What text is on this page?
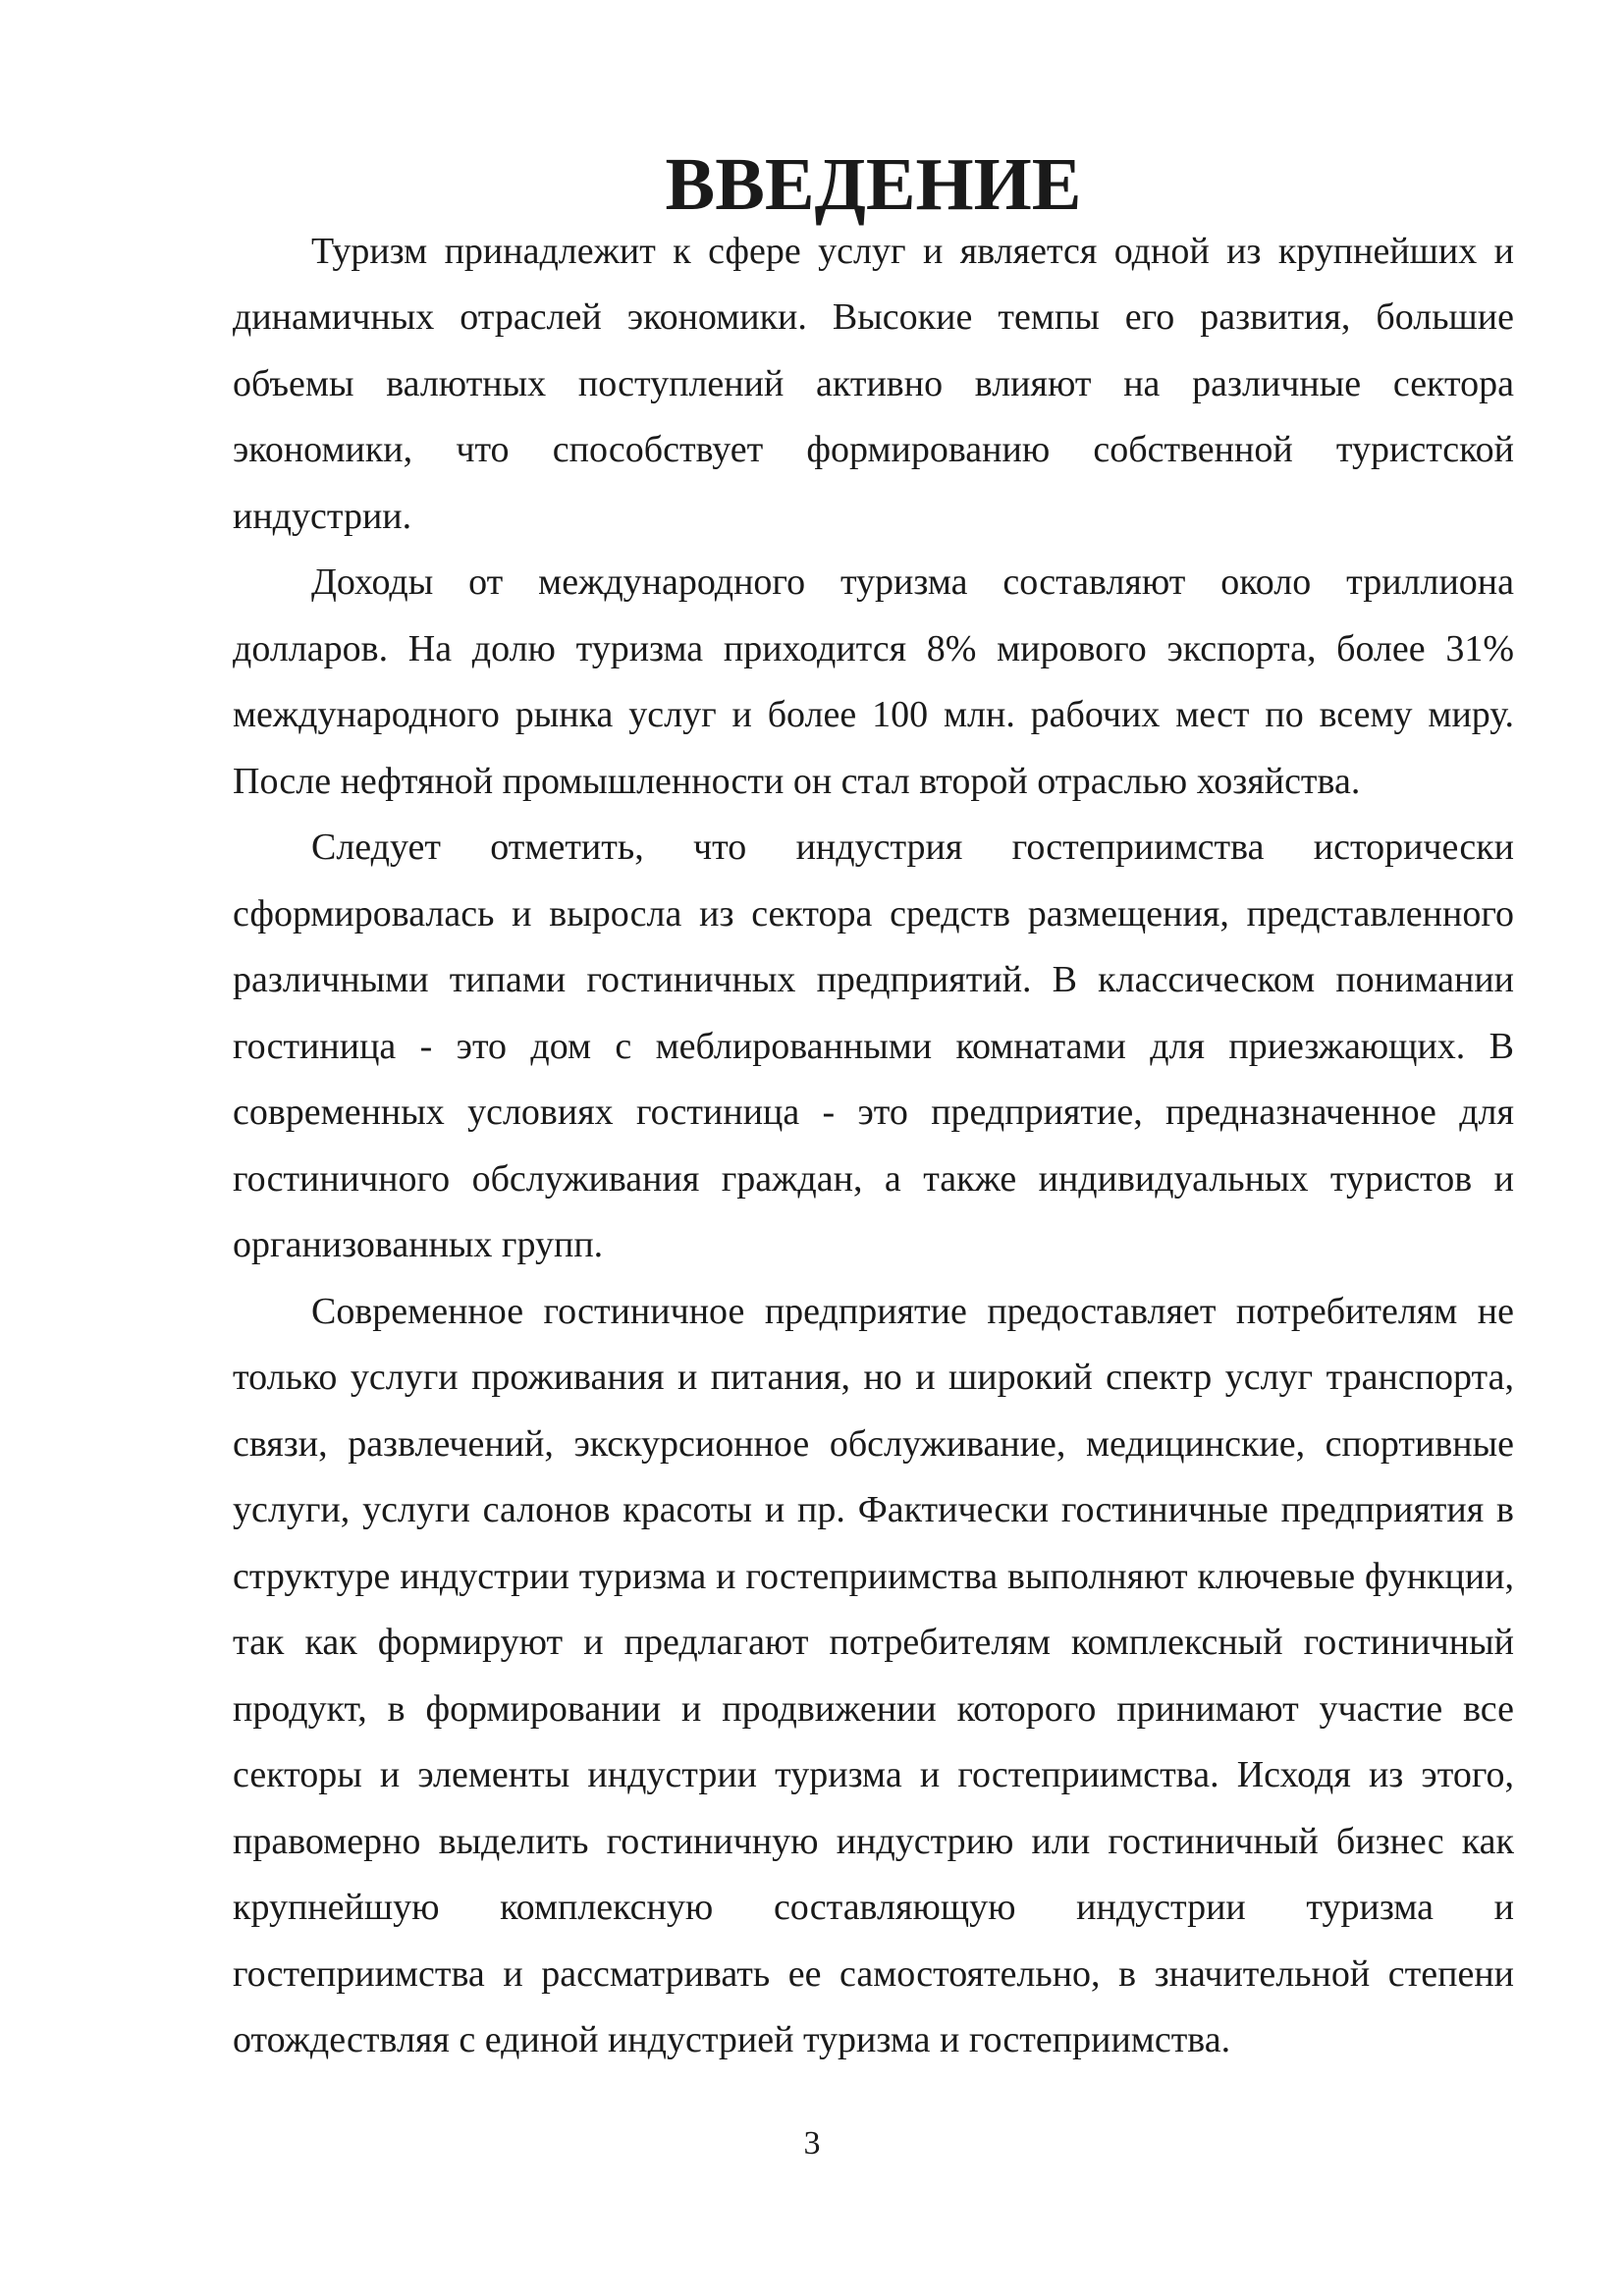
ВВЕДЕНИЕ

Туризм принадлежит к сфере услуг и является одной из крупнейших и динамичных отраслей экономики. Высокие темпы его развития, большие объемы валютных поступлений активно влияют на различные сектора экономики, что способствует формированию собственной туристской индустрии.

Доходы от международного туризма составляют около триллиона долларов. На долю туризма приходится 8% мирового экспорта, более 31% международного рынка услуг и более 100 млн. рабочих мест по всему миру. После нефтяной промышленности он стал второй отраслью хозяйства.

Следует отметить, что индустрия гостеприимства исторически сформировалась и выросла из сектора средств размещения, представленного различными типами гостиничных предприятий. В классическом понимании гостиница - это дом с меблированными комнатами для приезжающих. В современных условиях гостиница - это предприятие, предназначенное для гостиничного обслуживания граждан, а также индивидуальных туристов и организованных групп.

Современное гостиничное предприятие предоставляет потребителям не только услуги проживания и питания, но и широкий спектр услуг транспорта, связи, развлечений, экскурсионное обслуживание, медицинские, спортивные услуги, услуги салонов красоты и пр. Фактически гостиничные предприятия в структуре индустрии туризма и гостеприимства выполняют ключевые функции, так как формируют и предлагают потребителям комплексный гостиничный продукт, в формировании и продвижении которого принимают участие все секторы и элементы индустрии туризма и гостеприимства. Исходя из этого, правомерно выделить гостиничную индустрию или гостиничный бизнес как крупнейшую комплексную составляющую индустрии туризма и гостеприимства и рассматривать ее самостоятельно, в значительной степени отождествляя с единой индустрией туризма и гостеприимства.

3
